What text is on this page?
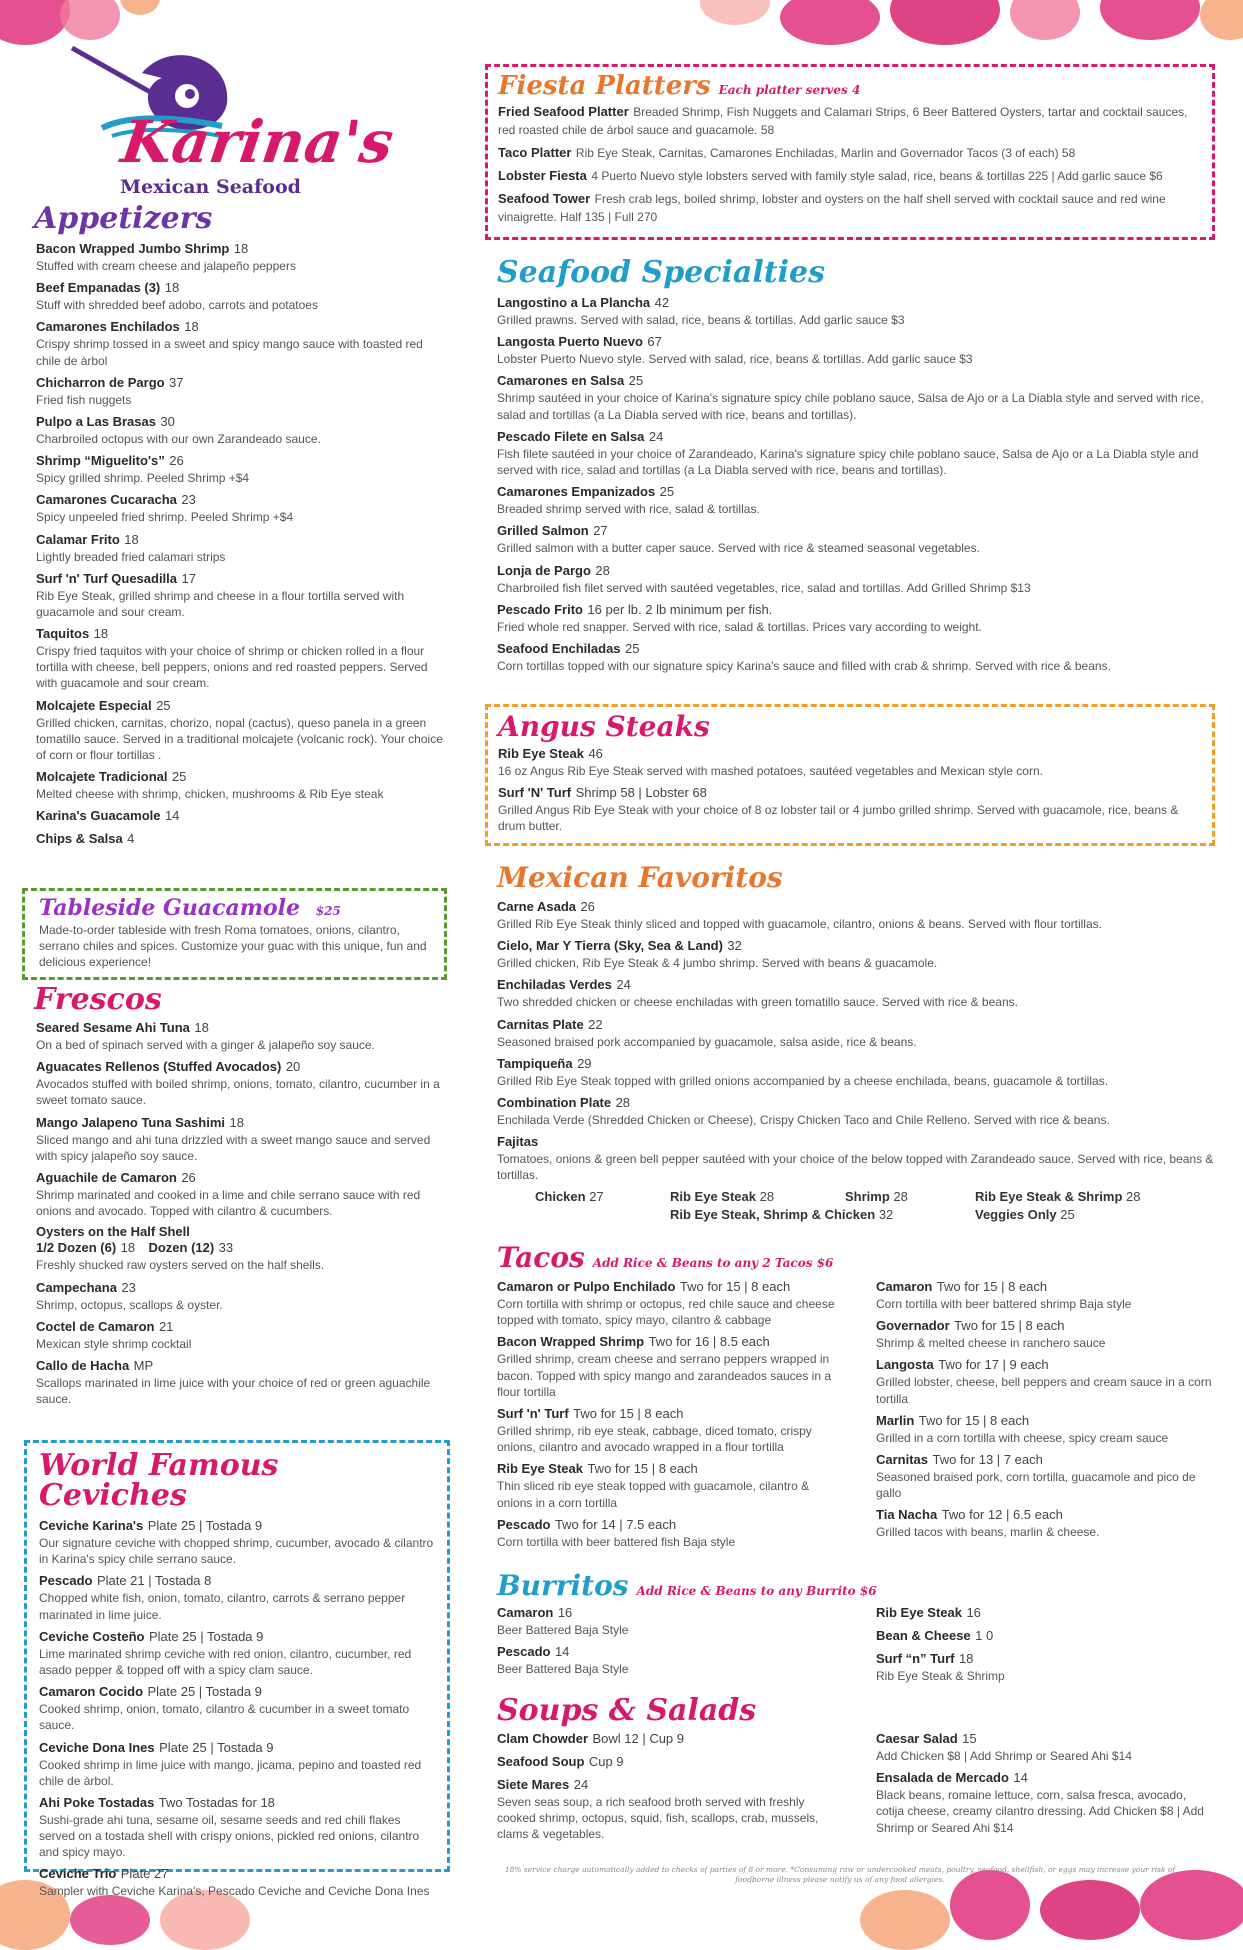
Karina's
Mexican Seafood
Appetizers
Bacon Wrapped Jumbo Shrimp 18
Stuffed with cream cheese and jalapeño peppers
Beef Empanadas (3) 18
Stuff with shredded beef adobo, carrots and potatoes
Camarones Enchilados 18
Crispy shrimp tossed in a sweet and spicy mango sauce with toasted red chile de àrbol
Chicharron de Pargo 37
Fried fish nuggets
Pulpo a Las Brasas 30
Charbroiled octopus with our own Zarandeado sauce.
Shrimp “Miguelito's” 26
Spicy grilled shrimp. Peeled Shrimp +$4
Camarones Cucaracha 23
Spicy unpeeled fried shrimp. Peeled Shrimp +$4
Calamar Frito 18
Lightly breaded fried calamari strips
Surf 'n' Turf Quesadilla 17
Rib Eye Steak, grilled shrimp and cheese in a flour tortilla served with guacamole and sour cream.
Taquitos 18
Crispy fried taquitos with your choice of shrimp or chicken rolled in a flour tortilla with cheese, bell peppers, onions and red roasted peppers. Served with guacamole and sour cream.
Molcajete Especial 25
Grilled chicken, carnitas, chorizo, nopal (cactus), queso panela in a green tomatillo sauce. Served in a traditional molcajete (volcanic rock). Your choice of corn or flour tortillas .
Molcajete Tradicional 25
Melted cheese with shrimp, chicken, mushrooms & Rib Eye steak
Karina's Guacamole 14
Chips & Salsa 4
Tableside Guacamole $25
Made-to-order tableside with fresh Roma tomatoes, onions, cilantro, serrano chiles and spices. Customize your guac with this unique, fun and delicious experience!
Frescos
Seared Sesame Ahi Tuna 18
On a bed of spinach served with a ginger & jalapeño soy sauce.
Aguacates Rellenos (Stuffed Avocados) 20
Avocados stuffed with boiled shrimp, onions, tomato, cilantro, cucumber in a sweet tomato sauce.
Mango Jalapeno Tuna Sashimi 18
Sliced mango and ahi tuna drizzled with a sweet mango sauce and served with spicy jalapeño soy sauce.
Aguachile de Camaron 26
Shrimp marinated and cooked in a lime and chile serrano sauce with red onions and avocado. Topped with cilantro & cucumbers.
Oysters on the Half Shell
1/2 Dozen (6) 18 Dozen (12) 33
Freshly shucked raw oysters served on the half shells.
Campechana 23
Shrimp, octopus, scallops & oyster.
Coctel de Camaron 21
Mexican style shrimp cocktail
Callo de Hacha MP
Scallops marinated in lime juice with your choice of red or green aguachile sauce.
World Famous Ceviches
Ceviche Karina's Plate 25 | Tostada 9
Our signature ceviche with chopped shrimp, cucumber, avocado & cilantro in Karina's spicy chile serrano sauce.
Pescado Plate 21 | Tostada 8
Chopped white fish, onion, tomato, cilantro, carrots & serrano pepper marinated in lime juice.
Ceviche Costeño Plate 25 | Tostada 9
Lime marinated shrimp ceviche with red onion, cilantro, cucumber, red asado pepper & topped off with a spicy clam sauce.
Camaron Cocido Plate 25 | Tostada 9
Cooked shrimp, onion, tomato, cilantro & cucumber in a sweet tomato sauce.
Ceviche Dona Ines Plate 25 | Tostada 9
Cooked shrimp in lime juice with mango, jicama, pepino and toasted red chile de àrbol.
Ahi Poke Tostadas Two Tostadas for 18
Sushi-grade ahi tuna, sesame oil, sesame seeds and red chili flakes served on a tostada shell with crispy onions, pickled red onions, cilantro and spicy mayo.
Ceviche Trio Plate 27
Sampler with Ceviche Karina's, Pescado Ceviche and Ceviche Dona Ines
Fiesta Platters Each platter serves 4
Fried Seafood Platter Breaded Shrimp, Fish Nuggets and Calamari Strips, 6 Beer Battered Oysters, tartar and cocktail sauces, red roasted chile de árbol sauce and guacamole. 58
Taco Platter Rib Eye Steak, Carnitas, Camarones Enchiladas, Marlin and Governador Tacos (3 of each) 58
Lobster Fiesta 4 Puerto Nuevo style lobsters served with family style salad, rice, beans & tortillas 225 | Add garlic sauce $6
Seafood Tower Fresh crab legs, boiled shrimp, lobster and oysters on the half shell served with cocktail sauce and red wine vinaigrette. Half 135 | Full 270
Seafood Specialties
Langostino a La Plancha 42
Grilled prawns. Served with salad, rice, beans & tortillas. Add garlic sauce $3
Langosta Puerto Nuevo 67
Lobster Puerto Nuevo style. Served with salad, rice, beans & tortillas. Add garlic sauce $3
Camarones en Salsa 25
Shrimp sautéed in your choice of Karina's signature spicy chile poblano sauce, Salsa de Ajo or a La Diabla style and served with rice, salad and tortillas (a La Diabla served with rice, beans and tortillas).
Pescado Filete en Salsa 24
Fish filete sautéed in your choice of Zarandeado, Karina's signature spicy chile poblano sauce, Salsa de Ajo or a La Diabla style and served with rice, salad and tortillas (a La Diabla served with rice, beans and tortillas).
Camarones Empanizados 25
Breaded shrimp served with rice, salad & tortillas.
Grilled Salmon 27
Grilled salmon with a butter caper sauce. Served with rice & steamed seasonal vegetables.
Lonja de Pargo 28
Charbroiled fish filet served with sautéed vegetables, rice, salad and tortillas. Add Grilled Shrimp $13
Pescado Frito 16 per lb. 2 lb minimum per fish.
Fried whole red snapper. Served with rice, salad & tortillas. Prices vary according to weight.
Seafood Enchiladas 25
Corn tortillas topped with our signature spicy Karina's sauce and filled with crab & shrimp. Served with rice & beans.
Angus Steaks
Rib Eye Steak 46
16 oz Angus Rib Eye Steak served with mashed potatoes, sautéed vegetables and Mexican style corn.
Surf 'N' Turf Shrimp 58 | Lobster 68
Grilled Angus Rib Eye Steak with your choice of 8 oz lobster tail or 4 jumbo grilled shrimp. Served with guacamole, rice, beans & drum butter.
Mexican Favoritos
Carne Asada 26
Grilled Rib Eye Steak thinly sliced and topped with guacamole, cilantro, onions & beans. Served with flour tortillas.
Cielo, Mar Y Tierra (Sky, Sea & Land) 32
Grilled chicken, Rib Eye Steak & 4 jumbo shrimp. Served with beans & guacamole.
Enchiladas Verdes 24
Two shredded chicken or cheese enchiladas with green tomatillo sauce. Served with rice & beans.
Carnitas Plate 22
Seasoned braised pork accompanied by guacamole, salsa aside, rice & beans.
Tampiqueña 29
Grilled Rib Eye Steak topped with grilled onions accompanied by a cheese enchilada, beans, guacamole & tortillas.
Combination Plate 28
Enchilada Verde (Shredded Chicken or Cheese), Crispy Chicken Taco and Chile Relleno. Served with rice & beans.
Fajitas
Tomatoes, onions & green bell pepper sautéed with your choice of the below topped with Zarandeado sauce. Served with rice, beans & tortillas.
Chicken 27	Rib Eye Steak 28	Shrimp 28	Rib Eye Steak & Shrimp 28
Rib Eye Steak, Shrimp & Chicken 32	Veggies Only 25
Tacos Add Rice & Beans to any 2 Tacos $6
Camaron or Pulpo Enchilado Two for 15 | 8 each
Corn tortilla with shrimp or octopus, red chile sauce and cheese topped with tomato, spicy mayo, cilantro & cabbage
Bacon Wrapped Shrimp Two for 16 | 8.5 each
Grilled shrimp, cream cheese and serrano peppers wrapped in bacon. Topped with spicy mango and zarandeados sauces in a flour tortilla
Surf 'n' Turf Two for 15 | 8 each
Grilled shrimp, rib eye steak, cabbage, diced tomato, crispy onions, cilantro and avocado wrapped in a flour tortilla
Rib Eye Steak Two for 15 | 8 each
Thin sliced rib eye steak topped with guacamole, cilantro & onions in a corn tortilla
Pescado Two for 14 | 7.5 each
Corn tortilla with beer battered fish Baja style
Camaron Two for 15 | 8 each
Corn tortilla with beer battered shrimp Baja style
Governador Two for 15 | 8 each
Shrimp & melted cheese in ranchero sauce
Langosta Two for 17 | 9 each
Grilled lobster, cheese, bell peppers and cream sauce in a corn tortilla
Marlin Two for 15 | 8 each
Grilled in a corn tortilla with cheese, spicy cream sauce
Carnitas Two for 13 | 7 each
Seasoned braised pork, corn tortilla, guacamole and pico de gallo
Tia Nacha Two for 12 | 6.5 each
Grilled tacos with beans, marlin & cheese.
Burritos Add Rice & Beans to any Burrito $6
Camaron 16
Beer Battered Baja Style
Pescado 14
Beer Battered Baja Style
Rib Eye Steak 16
Bean & Cheese 1 0
Surf “n” Turf 18
Rib Eye Steak & Shrimp
Soups & Salads
Clam Chowder Bowl 12 | Cup 9
Seafood Soup Cup 9
Siete Mares 24
Seven seas soup, a rich seafood broth served with freshly cooked shrimp, octopus, squid, fish, scallops, crab, mussels, clams & vegetables.
Caesar Salad 15
Add Chicken $8 | Add Shrimp or Seared Ahi $14
Ensalada de Mercado 14
Black beans, romaine lettuce, corn, salsa fresca, avocado, cotija cheese, creamy cilantro dressing. Add Chicken $8 | Add Shrimp or Seared Ahi $14
18% service charge automatically added to checks of parties of 8 or more. *Consuming raw or undercooked meats, poultry, seafood, shellfish, or eggs may increase your risk of foodborne illness please notify us of any food allergies.
